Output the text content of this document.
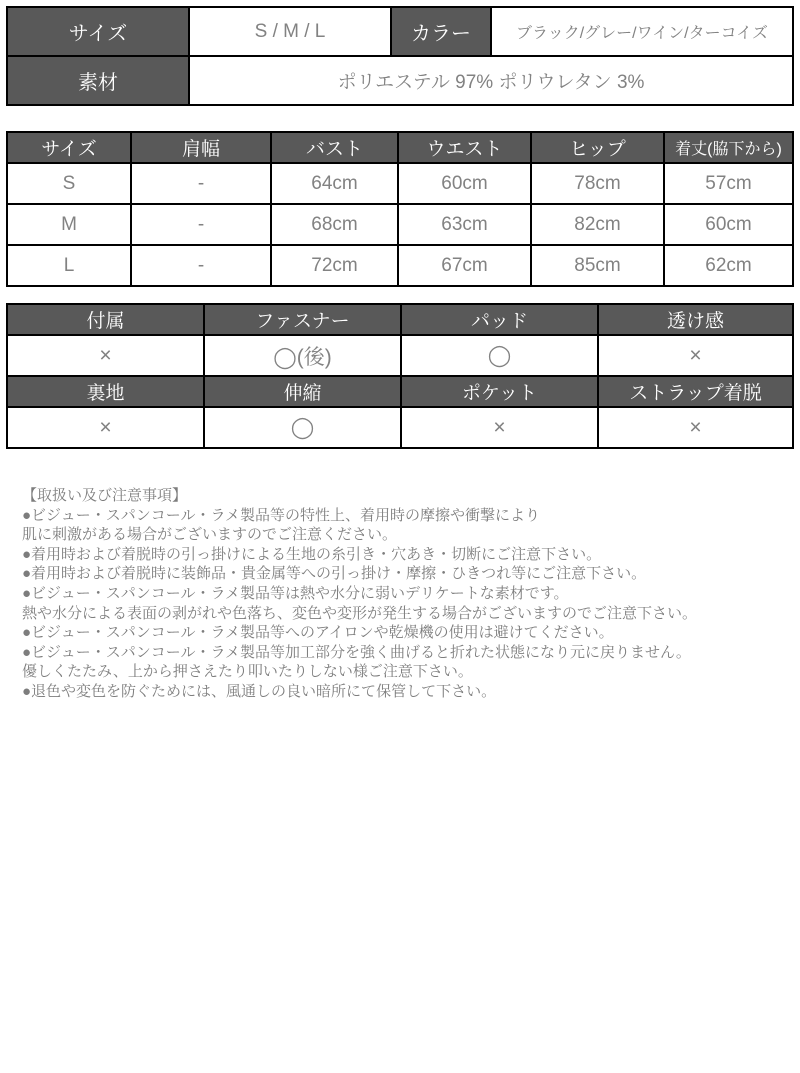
サイズ	S / M / L	カラー	ブラック/グレー/ワイン/ターコイズ
素材	ポリエステル 97% ポリウレタン 3%		
サイズ	肩幅	バスト	ウエスト	ヒップ	着丈(脇下から)
S	-	64cm	60cm	78cm	57cm
M	-	68cm	63cm	82cm	60cm
L	-	72cm	67cm	85cm	62cm
付属	ファスナー	パッド	透け感
×	◯(後)	◯	×
裏地	伸縮	ポケット	ストラップ着脱
×	◯	×	×
【取扱い及び注意事項】
●ビジュー・スパンコール・ラメ製品等の特性上、着用時の摩擦や衝撃により
肌に刺激がある場合がございますのでご注意ください。
●着用時および着脱時の引っ掛けによる生地の糸引き・穴あき・切断にご注意下さい。
●着用時および着脱時に装飾品・貴金属等への引っ掛け・摩擦・ひきつれ等にご注意下さい。
●ビジュー・スパンコール・ラメ製品等は熱や水分に弱いデリケートな素材です。
熱や水分による表面の剥がれや色落ち、変色や変形が発生する場合がございますのでご注意下さい。
●ビジュー・スパンコール・ラメ製品等へのアイロンや乾燥機の使用は避けてください。
●ビジュー・スパンコール・ラメ製品等加工部分を強く曲げると折れた状態になり元に戻りません。
優しくたたみ、上から押さえたり叩いたりしない様ご注意下さい。
●退色や変色を防ぐためには、風通しの良い暗所にて保管して下さい。
